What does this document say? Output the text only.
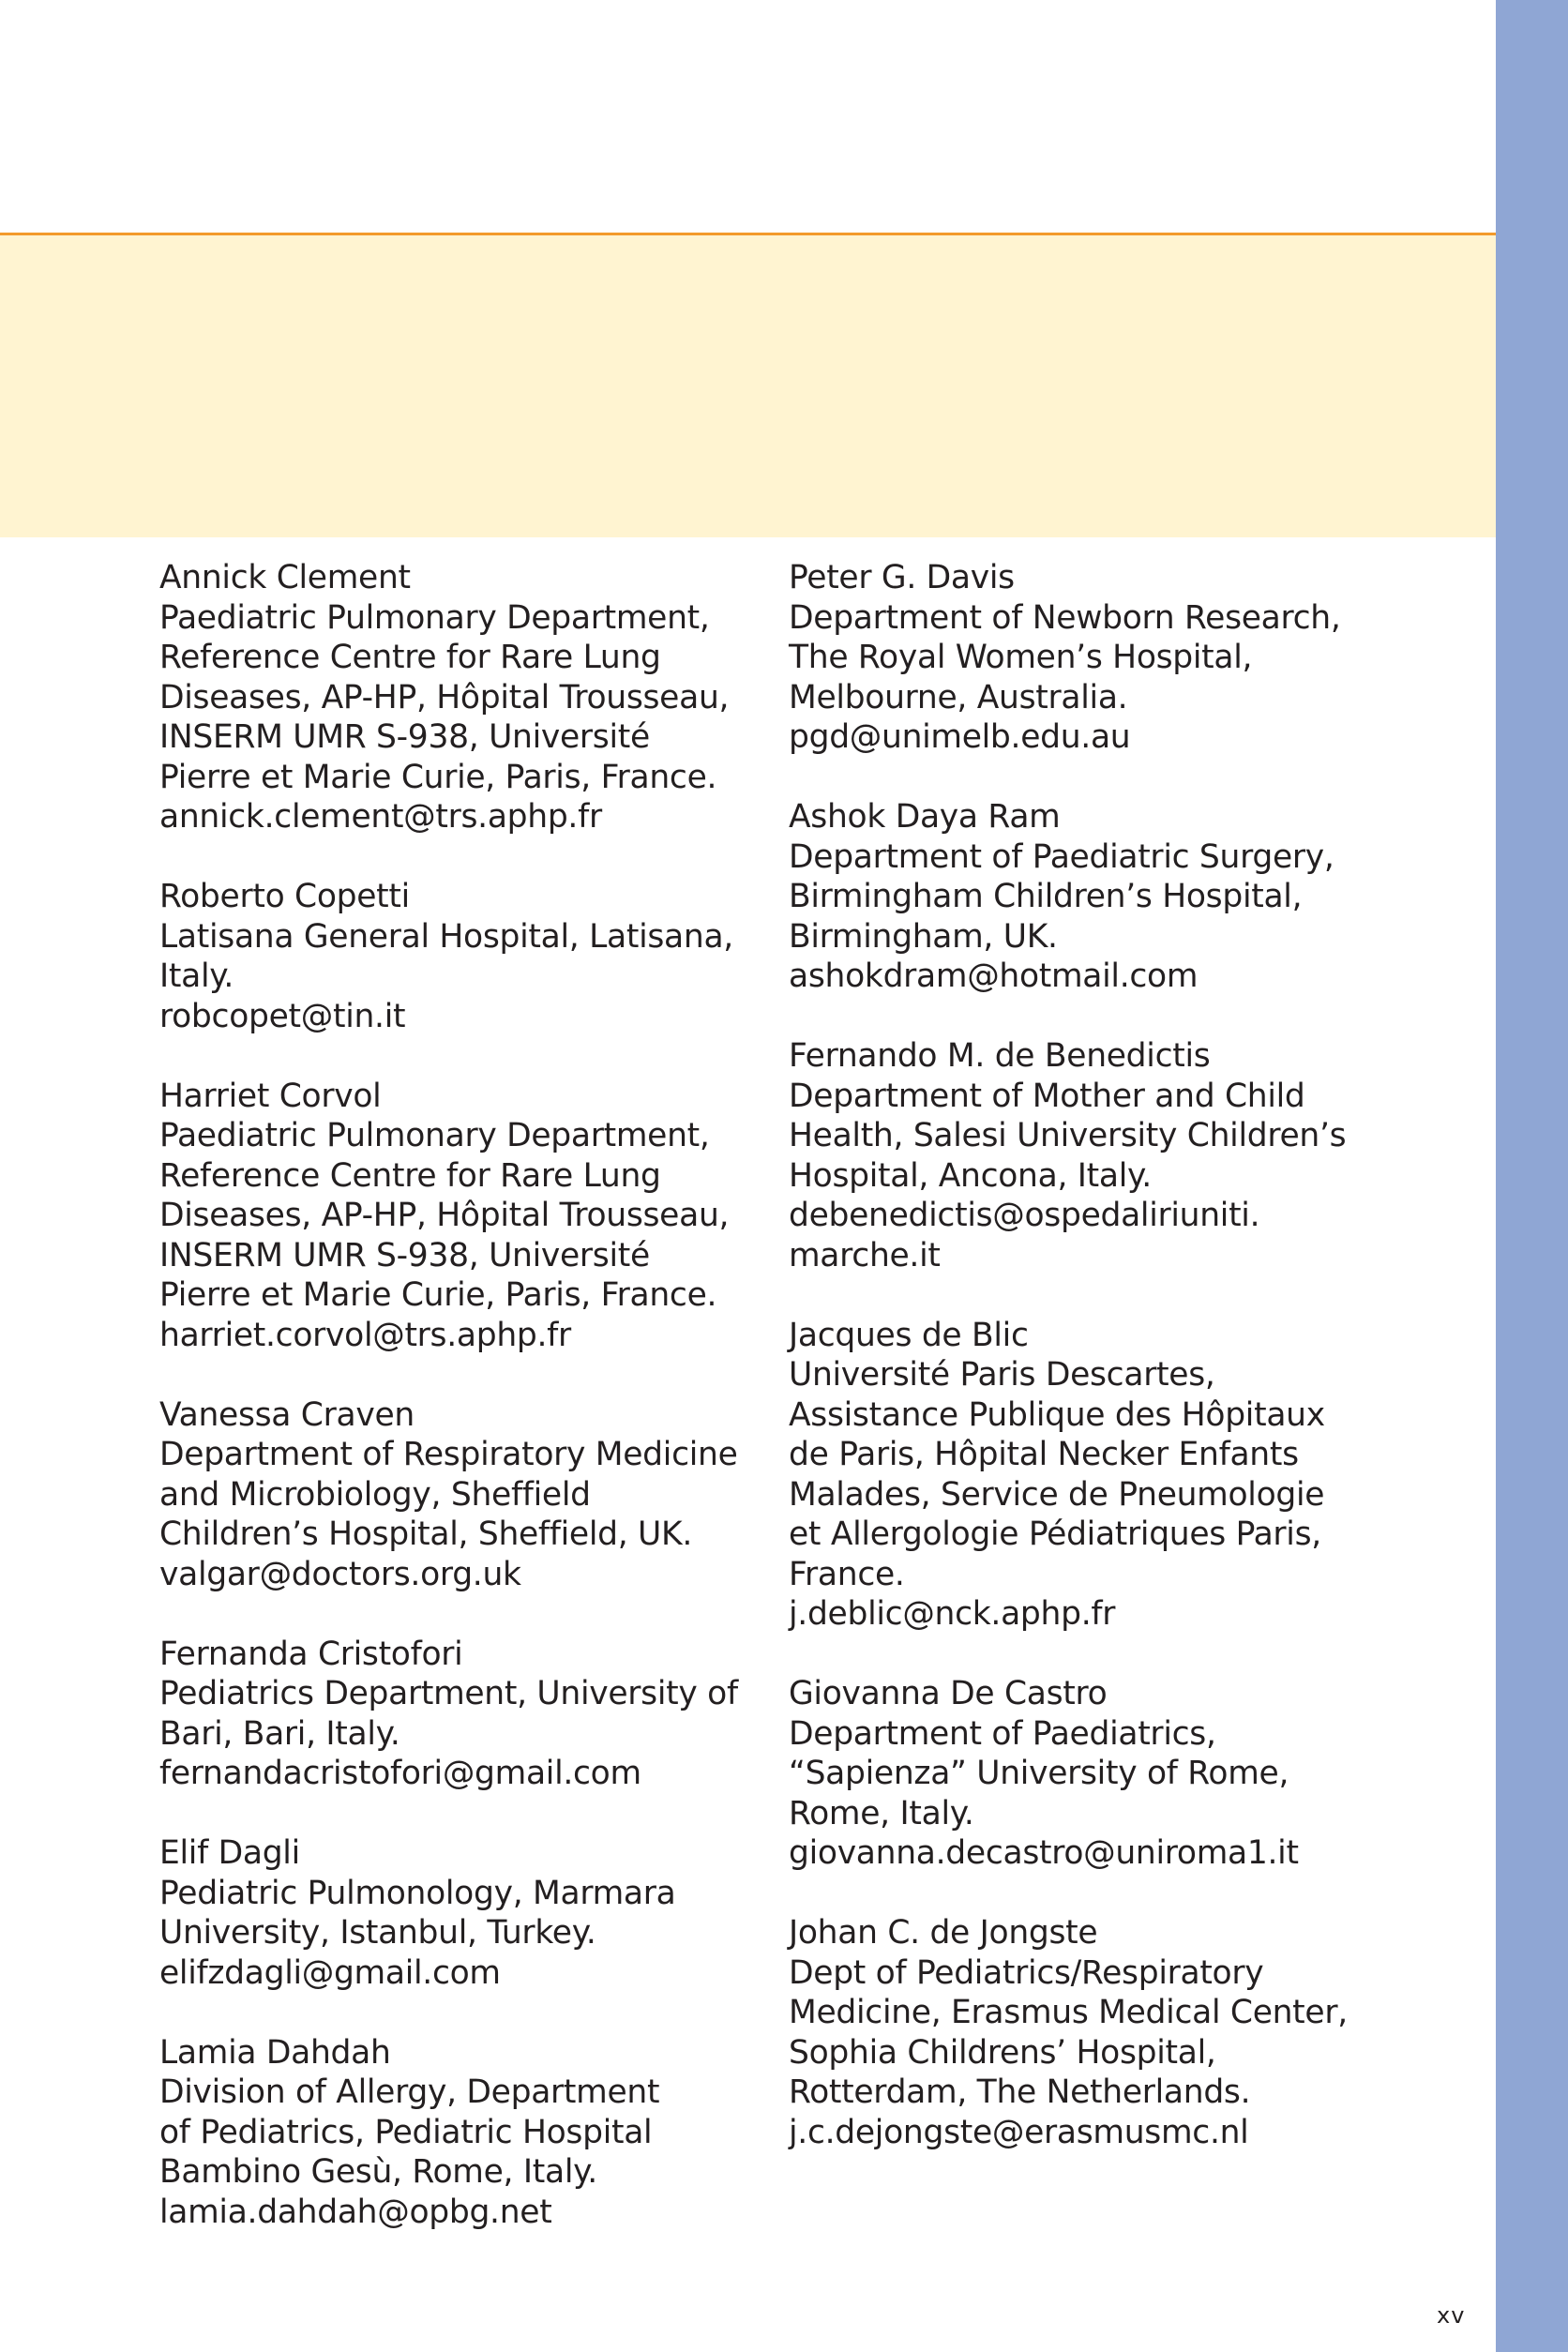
Annick Clement
Paediatric Pulmonary Department,
Reference Centre for Rare Lung
Diseases, AP-HP, Hôpital Trousseau,
INSERM UMR S-938, Université
Pierre et Marie Curie, Paris, France.
annick.clement@trs.aphp.fr
Roberto Copetti
Latisana General Hospital, Latisana,
Italy.
robcopet@tin.it
Harriet Corvol
Paediatric Pulmonary Department,
Reference Centre for Rare Lung
Diseases, AP-HP, Hôpital Trousseau,
INSERM UMR S-938, Université
Pierre et Marie Curie, Paris, France.
harriet.corvol@trs.aphp.fr
Vanessa Craven
Department of Respiratory Medicine
and Microbiology, Sheffield
Children’s Hospital, Sheffield, UK.
valgar@doctors.org.uk
Fernanda Cristofori
Pediatrics Department, University of
Bari, Bari, Italy.
fernandacristofori@gmail.com
Elif Dagli
Pediatric Pulmonology, Marmara
University, Istanbul, Turkey.
elifzdagli@gmail.com
Lamia Dahdah
Division of Allergy, Department
of Pediatrics, Pediatric Hospital
Bambino Gesù, Rome, Italy.
lamia.dahdah@opbg.net
Peter G. Davis
Department of Newborn Research,
The Royal Women’s Hospital,
Melbourne, Australia.
pgd@unimelb.edu.au
Ashok Daya Ram
Department of Paediatric Surgery,
Birmingham Children’s Hospital,
Birmingham, UK.
ashokdram@hotmail.com
Fernando M. de Benedictis
Department of Mother and Child
Health, Salesi University Children’s
Hospital, Ancona, Italy.
debenedictis@ospedaliriuniti.
marche.it
Jacques de Blic
Université Paris Descartes,
Assistance Publique des Hôpitaux
de Paris, Hôpital Necker Enfants
Malades, Service de Pneumologie
et Allergologie Pédiatriques Paris,
France.
j.deblic@nck.aphp.fr
Giovanna De Castro
Department of Paediatrics,
“Sapienza” University of Rome,
Rome, Italy.
giovanna.decastro@uniroma1.it
Johan C. de Jongste
Dept of Pediatrics/Respiratory
Medicine, Erasmus Medical Center,
Sophia Childrens’ Hospital,
Rotterdam, The Netherlands.
j.c.dejongste@erasmusmc.nl
xv
